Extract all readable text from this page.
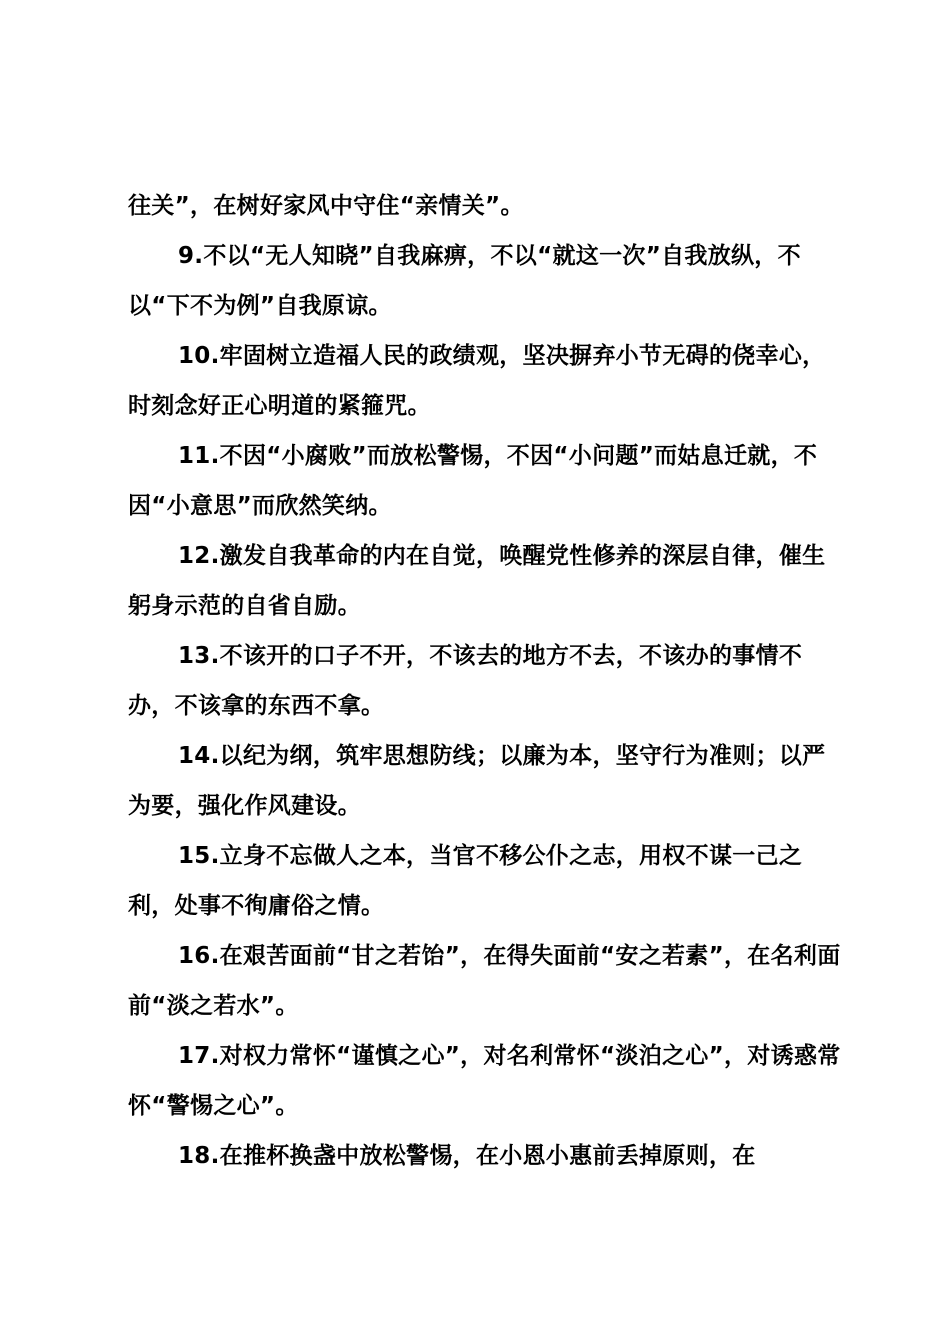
往关”，在树好家风中守住“亲情关”。

9.不以“无人知晓”自我麻痹，不以“就这一次”自我放纵，不以“下不为例”自我原谅。

10.牢固树立造福人民的政绩观，坚决摒弃小节无碍的侥幸心，时刻念好正心明道的紧箍咒。

11.不因“小腐败”而放松警惕，不因“小问题”而姑息迁就，不因“小意思”而欣然笑纳。

12.激发自我革命的内在自觉，唤醒党性修养的深层自律，催生躬身示范的自省自励。

13.不该开的口子不开，不该去的地方不去，不该办的事情不办，不该拿的东西不拿。

14.以纪为纲，筑牢思想防线；以廉为本，坚守行为准则；以严为要，强化作风建设。

15.立身不忘做人之本，当官不移公仆之志，用权不谋一己之利，处事不徇庸俗之情。

16.在艰苦面前“甘之若饴”，在得失面前“安之若素”，在名利面前“淡之若水”。

17.对权力常怀“谨慎之心”，对名利常怀“淡泊之心”，对诱惑常怀“警惕之心”。

18.在推杯换盏中放松警惕，在小恩小惠前丢掉原则，在
